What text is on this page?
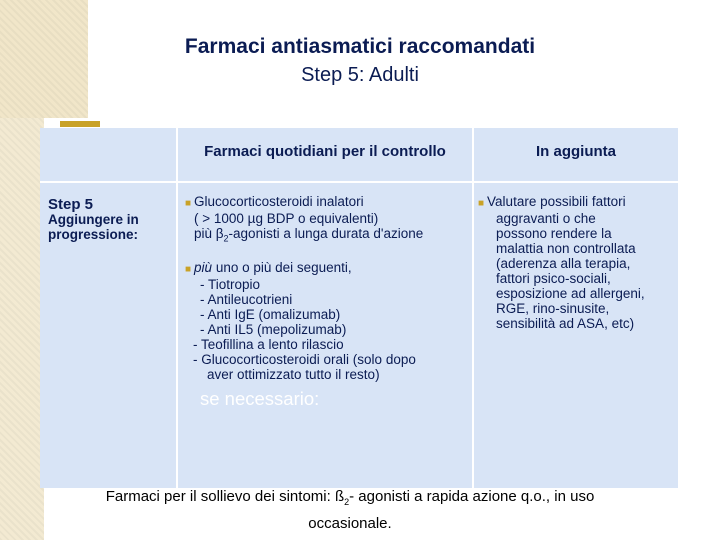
Farmaci antiasmatici raccomandati
Step 5: Adulti
Farmaci quotidiani per il controllo	In aggiunta
Step 5
Aggiungere in progressione:

■ Glucocorticosteroidi inalatori

( > 1000 µg BDP o equivalenti)

più $\beta_2$-agonisti a lunga durata d'azione

■ più uno o più dei seguenti,

- Tiotropio

- Antileucotrieni

- Anti IgE (omalizumab)

- Anti IL5 (mepolizumab)

- Teofillina a lento rilascio

- Glucocorticosteroidi orali (solo dopo

aver ottimizzato tutto il resto)

■ Valutare possibili fattori

aggravanti o che

possono rendere la

malattia non controllata

(aderenza alla terapia,

fattori psico-sociali,

esposizione ad allergeni,

RGE, rino-sinusite,

sensibilità ad ASA, etc)

se necessario:
Farmaci per il sollievo dei sintomi: $ß_2-$ agonisti a rapida azione q.o., in uso
occasionale.
